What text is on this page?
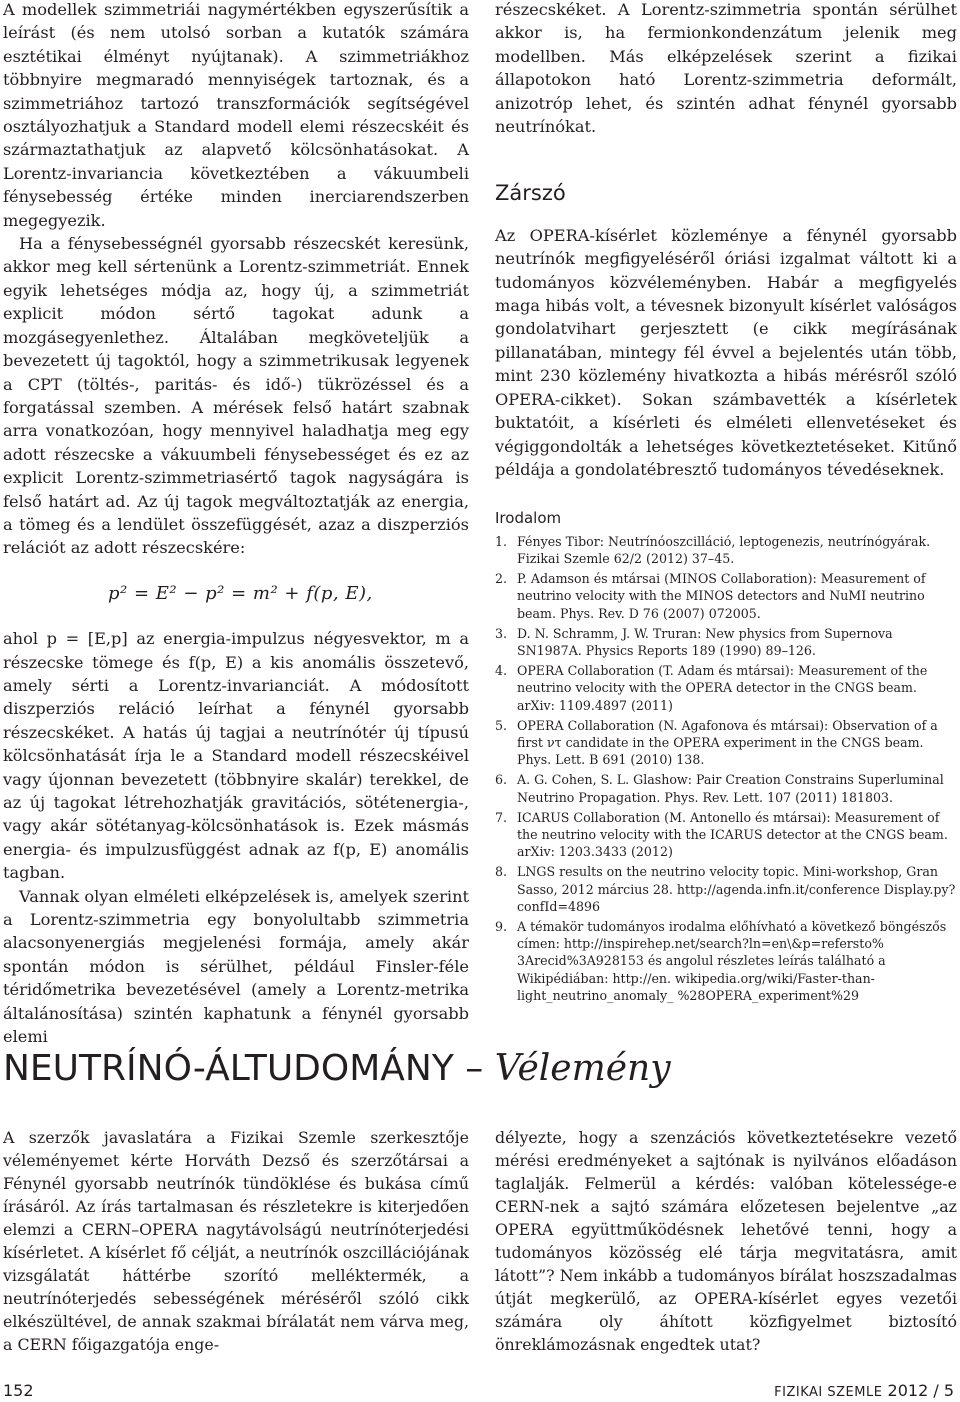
A modellek szimmetriái nagymértékben egyszerűsítik a leírást (és nem utolsó sorban a kutatók számára esztétikai élményt nyújtanak). A szimmetriákhoz többnyire megmaradó mennyiségek tartoznak, és a szimmetriához tartozó transzformációk segítségével osztályozhatjuk a Standard modell elemi részecskéit és származtathatjuk az alapvető kölcsönhatásokat. A Lorentz-invariancia következtében a vákuumbeli fénysebesség értéke minden inerciarendszerben megegyezik.

Ha a fénysebességnél gyorsabb részecskét keresünk, akkor meg kell sértenünk a Lorentz-szimmetriát. Ennek egyik lehetséges módja az, hogy új, a szimmetriát explicit módon sértő tagokat adunk a mozgásegyenlethez. Általában megköveteljük a bevezetett új tagoktól, hogy a szimmetrikusak legyenek a CPT (töltés-, paritás- és idő-) tükrözéssel és a forgatással szemben. A mérések felső határt szabnak arra vonatkozóan, hogy mennyivel haladhatja meg egy adott részecske a vákuumbeli fénysebességet és ez az explicit Lorentz-szimmetriasértő tagok nagyságára is felső határt ad. Az új tagok megváltoztatják az energia, a tömeg és a lendület összefüggését, azaz a diszperziós relációt az adott részecskére:

p² = E² − p² = m² + f(p, E),

ahol p = [E,p] az energia-impulzus négyesvektor, m a részecske tömege és f(p, E) a kis anomális összetevő, amely sérti a Lorentz-invarianciát. A módosított diszperziós reláció leírhat a fénynél gyorsabb részecskéket. A hatás új tagjai a neutrínótér új típusú kölcsönhatását írja le a Standard modell részecskéivel vagy újonnan bevezetett (többnyire skalár) terekkel, de az új tagokat létrehozhatják gravitációs, sötétenergia-, vagy akár sötétanyag-kölcsönhatások is. Ezek másmás energia- és impulzusfüggést adnak az f(p, E) anomális tagban.

Vannak olyan elméleti elképzelések is, amelyek szerint a Lorentz-szimmetria egy bonyolultabb szimmetria alacsonyenergiás megjelenési formája, amely akár spontán módon is sérülhet, például Finsler-féle téridőmetrika bevezetésével (amely a Lorentz-metrika általánosítása) szintén kaphatunk a fénynél gyorsabb elemi

részecskéket. A Lorentz-szimmetria spontán sérülhet akkor is, ha fermionkondenzátum jelenik meg modellben. Más elképzelések szerint a fizikai állapotokon ható Lorentz-szimmetria deformált, anizotróp lehet, és szintén adhat fénynél gyorsabb neutrínókat.

Zárszó

Az OPERA-kísérlet közleménye a fénynél gyorsabb neutrínók megfigyeléséről óriási izgalmat váltott ki a tudományos közvéleményben. Habár a megfigyelés maga hibás volt, a tévesnek bizonyult kísérlet valóságos gondolatvihart gerjesztett (e cikk megírásának pillanatában, mintegy fél évvel a bejelentés után több, mint 230 közlemény hivatkozta a hibás mérésről szóló OPERA-cikket). Sokan számbavették a kísérletek buktatóit, a kísérleti és elméleti ellenvetéseket és végiggondolták a lehetséges következtetéseket. Kitűnő példája a gondolatébresztő tudományos tévedéseknek.

Irodalom
1. Fényes Tibor: Neutrínóoszcilláció, leptogenezis, neutrínógyárak. Fizikai Szemle 62/2 (2012) 37–45.
2. P. Adamson és mtársai (MINOS Collaboration): Measurement of neutrino velocity with the MINOS detectors and NuMI neutrino beam. Phys. Rev. D 76 (2007) 072005.
3. D. N. Schramm, J. W. Truran: New physics from Supernova SN1987A. Physics Reports 189 (1990) 89–126.
4. OPERA Collaboration (T. Adam és mtársai): Measurement of the neutrino velocity with the OPERA detector in the CNGS beam. arXiv: 1109.4897 (2011)
5. OPERA Collaboration (N. Agafonova és mtársai): Observation of a first ντ candidate in the OPERA experiment in the CNGS beam. Phys. Lett. B 691 (2010) 138.
6. A. G. Cohen, S. L. Glashow: Pair Creation Constrains Superluminal Neutrino Propagation. Phys. Rev. Lett. 107 (2011) 181803.
7. ICARUS Collaboration (M. Antonello és mtársai): Measurement of the neutrino velocity with the ICARUS detector at the CNGS beam. arXiv: 1203.3433 (2012)
8. LNGS results on the neutrino velocity topic. Mini-workshop, Gran Sasso, 2012 március 28. http://agenda.infn.it/conference Display.py?confId=4896
9. A témakör tudományos irodalma előhívható a következő böngészős címen: http://inspirehep.net/search?ln=en\&p=refersto% 3Arecid%3A928153 és angolul részletes leírás található a Wikipédiában: http://en. wikipedia.org/wiki/Faster-than-light_neutrino_anomaly_ %28OPERA_experiment%29
NEUTRÍNÓ-ÁLTUDOMÁNY – Vélemény

A szerzők javaslatára a Fizikai Szemle szerkesztője véleményemet kérte Horváth Dezső és szerzőtársai a Fénynél gyorsabb neutrínók tündöklése és bukása című írásáról. Az írás tartalmasan és részletekre is kiterjedően elemzi a CERN–OPERA nagytávolságú neutrínóterjedési kísérletet. A kísérlet fő célját, a neutrínók oszcillációjának vizsgálatát háttérbe szorító melléktermék, a neutrínóterjedés sebességének méréséről szóló cikk elkészültével, de annak szakmai bírálatát nem várva meg, a CERN főigazgatója enge-

délyezte, hogy a szenzációs következtetésekre vezető mérési eredményeket a sajtónak is nyilvános előadáson taglalják. Felmerül a kérdés: valóban kötelessége-e CERN-nek a sajtó számára előzetesen bejelentve „az OPERA együttműködésnek lehetővé tenni, hogy a tudományos közösség elé tárja megvitatásra, amit látott”? Nem inkább a tudományos bírálat hoszszadalmas útját megkerülő, az OPERA-kísérlet egyes vezetői számára oly áhított közfigyelmet biztosító önreklámozásnak engedtek utat?

152	FIZIKAI SZEMLE 2012 / 5
